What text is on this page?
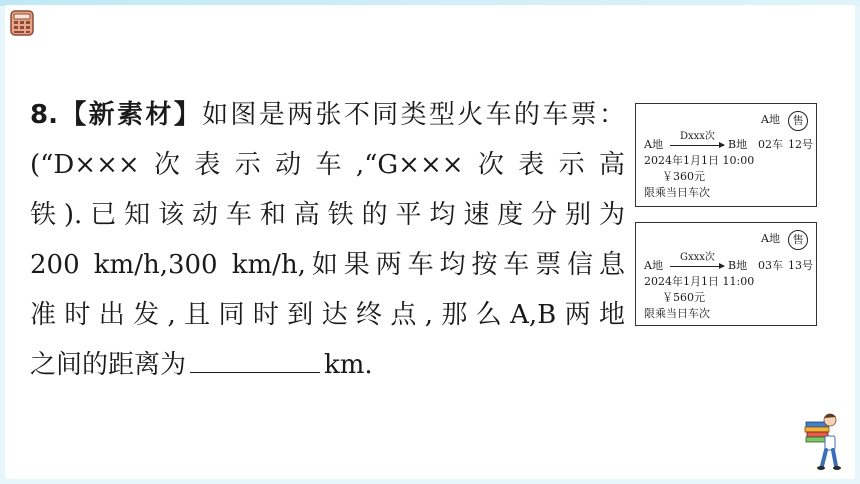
8.【新素材】如图是两张不同类型火车的车票：
(“D×××次表示动车,“G×××次表示高
铁).已知该动车和高铁的平均速度分别为
200 km/h,300 km/h,如果两车均按车票信息
准时出发,且同时到达终点,那么A,B两地
之间的距离为	km.
A地	售
A地
Dxxx次
B地 02车 12号
2024年1月1日 10:00
￥360元
限乘当日车次
A地	售
A地
Gxxx次
B地 03车 13号
2024年1月1日 11:00
￥560元
限乘当日车次
